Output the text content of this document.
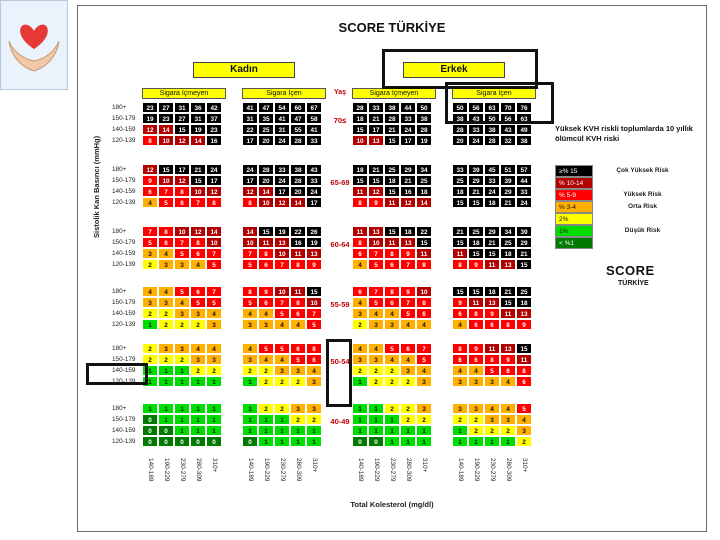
SCORE TÜRKİYE
Kadın	Erkek
Sigara İçmeyen	Sigara İçen	Sigara İçmeyen	Sigara İçen
Yaş
Sistolik Kan Basıncı (mmHg)
Total Kolesterol (mg/dl)
70≤
180+
150-179
140-159
120-139
23	27	31	36	42
19	23	27	31	37
12	14	15	19	23
8	10	12	14	16
41	47	54	60	67
31	35	41	47	58
22	25	31	55	41
17	20	24	28	33
28	33	38	44	50
18	21	28	33	38
15	17	21	24	28
10	13	15	17	19
50	56	63	70	76
38	43	50	56	63
28	33	38	43	49
20	24	28	32	38
65-69
180+
150-179
140-159
120-139
12	15	17	21	24
9	10	12	15	17
6	7	8	10	12
4	5	6	7	8
24	28	33	38	43
17	20	24	28	33
12	14	17	20	24
8	10	12	14	17
18	21	25	29	34
15	15	18	21	25
11	12	15	16	18
8	9	11	12	14
33	39	45	51	57
25	29	33	39	44
18	21	24	29	33
15	15	18	21	24
60-64
180+
150-179
140-159
120-139
7	8	10	12	14
5	6	7	8	10
3	4	5	6	7
2	3	3	4	5
14	15	19	22	26
10	11	13	16	19
7	8	10	11	13
5	6	7	8	9
11	13	15	18	22
8	10	11	13	15
6	7	8	9	11
4	5	6	7	8
21	25	29	34	39
15	18	21	25	29
11	15	15	18	21
8	9	11	13	15
55-59
180+
150-179
140-159
120-139
4	4	5	6	7
3	3	4	5	5
2	2	3	3	4
1	2	2	2	3
8	9	10	11	15
5	6	7	8	10
4	4	5	6	7
3	3	4	4	5
6	7	8	9	10
4	5	6	7	8
3	4	4	5	6
2	3	3	4	4
15	15	18	21	25
9	11	13	15	18
6	8	9	11	13
4	6	6	8	9
50-54
180+
150-179
140-159
120-139
2	3	3	4	4
2	2	2	3	3
1	1	1	2	2
1	1	1	1	1
4	5	5	6	8
3	4	4	5	6
2	2	3	3	4
1	2	2	2	3
4	4	5	6	7
3	3	4	4	5
2	2	2	3	4
1	2	2	2	3
8	9	11	13	15
6	6	8	9	11
4	4	5	6	8
3	3	3	4	6
40-49
180+
150-179
140-159
120-139
1	1	1	1	1
0	1	1	1	1
0	0	1	1	1
0	0	0	0	0
1	2	2	3	3
1	1	1	2	2
1	1	1	1	1
0	1	1	1	1
1	1	2	2	3
1	1	1	2	2
1	1	1	1	1
0	0	1	1	1
3	3	4	4	5
2	2	3	3	4
1	2	2	2	3
1	1	1	1	2
140-189 190-229 230-279 280-309 310+	140-189 190-229 230-279 280-309 310+	140-189 190-229 230-279 280-309 310+	140-189 190-229 230-279 280-309 310+
Yüksek KVH riskli toplumlarda 10 yıllık ölümcül KVH riski
≥% 15	Çok Yüksek Risk
% 10-14
% 5-9	Yüksek Risk
% 3-4	Orta Risk
2%
1%	Düşük Risk
< %1
SCORE
TÜRKİYE
